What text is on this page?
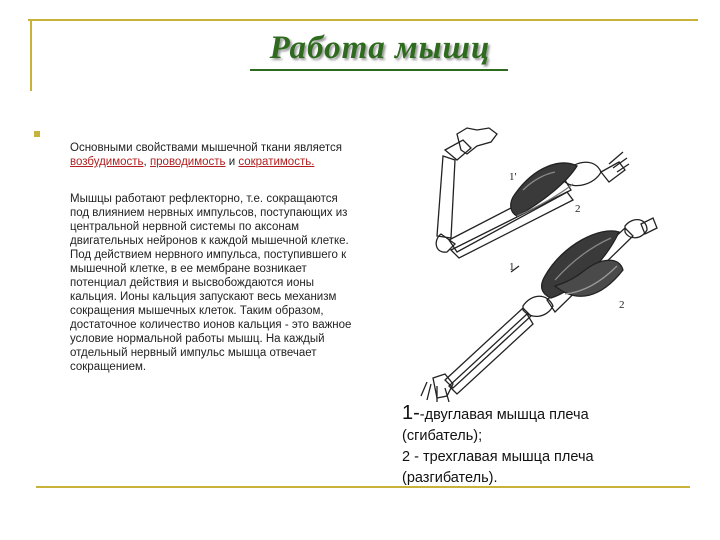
Работа мышц
Основными свойствами мышечной ткани является возбудимость, проводимость и сократимость.
Мышцы работают рефлекторно, т.е. сокращаются под влиянием нервных импульсов, поступающих из центральной нервной системы по аксонам двигательных нейронов к каждой мышечной клетке. Под действием нервного импульса, поступившего к мышечной клетке, в ее мембране возникает потенциал действия и высвобождаются ионы кальция. Ионы кальция запускают весь механизм сокращения мышечных клеток. Таким образом, достаточное количество ионов кальция - это важное условие нормальной работы мышц. На каждый отдельный нервный импульс мышца отвечает сокращением.
1'
2
1
2
1--двуглавая мышца плеча
(сгибатель);
2 - трехглавая мышца плеча
(разгибатель).
